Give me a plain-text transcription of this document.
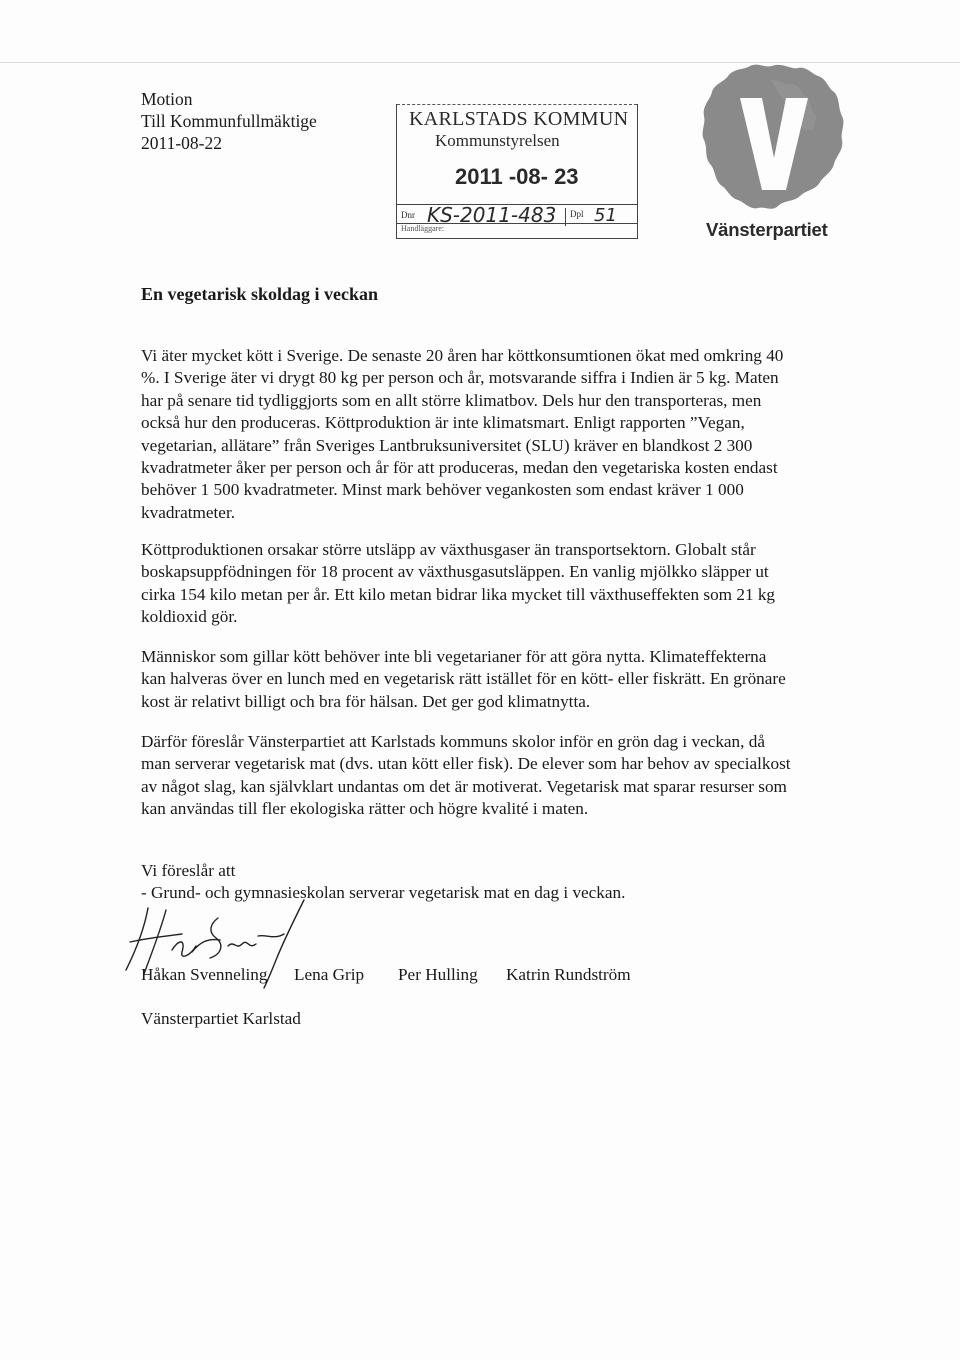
Motion
Till Kommunfullmäktige
2011-08-22
KARLSTADS KOMMUN
Kommunstyrelsen
2011 -08- 23
Dnr KS-2011-483 Dpl 51
Handläggare:	Vänsterpartiet
En vegetarisk skoldag i veckan
Vi äter mycket kött i Sverige. De senaste 20 åren har köttkonsumtionen ökat med omkring 40
%. I Sverige äter vi drygt 80 kg per person och år, motsvarande siffra i Indien är 5 kg. Maten
har på senare tid tydliggjorts som en allt större klimatbov. Dels hur den transporteras, men
också hur den produceras. Köttproduktion är inte klimatsmart. Enligt rapporten ”Vegan,
vegetarian, allätare” från Sveriges Lantbruksuniversitet (SLU) kräver en blandkost 2 300
kvadratmeter åker per person och år för att produceras, medan den vegetariska kosten endast
behöver 1 500 kvadratmeter. Minst mark behöver vegankosten som endast kräver 1 000
kvadratmeter.
Köttproduktionen orsakar större utsläpp av växthusgaser än transportsektorn. Globalt står
boskapsuppfödningen för 18 procent av växthusgasutsläppen. En vanlig mjölkko släpper ut
cirka 154 kilo metan per år. Ett kilo metan bidrar lika mycket till växthuseffekten som 21 kg
koldioxid gör.
Människor som gillar kött behöver inte bli vegetarianer för att göra nytta. Klimateffekterna
kan halveras över en lunch med en vegetarisk rätt istället för en kött- eller fiskrätt. En grönare
kost är relativt billigt och bra för hälsan. Det ger god klimatnytta.
Därför föreslår Vänsterpartiet att Karlstads kommuns skolor inför en grön dag i veckan, då
man serverar vegetarisk mat (dvs. utan kött eller fisk). De elever som har behov av specialkost
av något slag, kan självklart undantas om det är motiverat. Vegetarisk mat sparar resurser som
kan användas till fler ekologiska rätter och högre kvalité i maten.
Vi föreslår att
- Grund- och gymnasieskolan serverar vegetarisk mat en dag i veckan.
Håkan Svenneling Lena Grip Per Hulling Katrin Rundström
Vänsterpartiet Karlstad
